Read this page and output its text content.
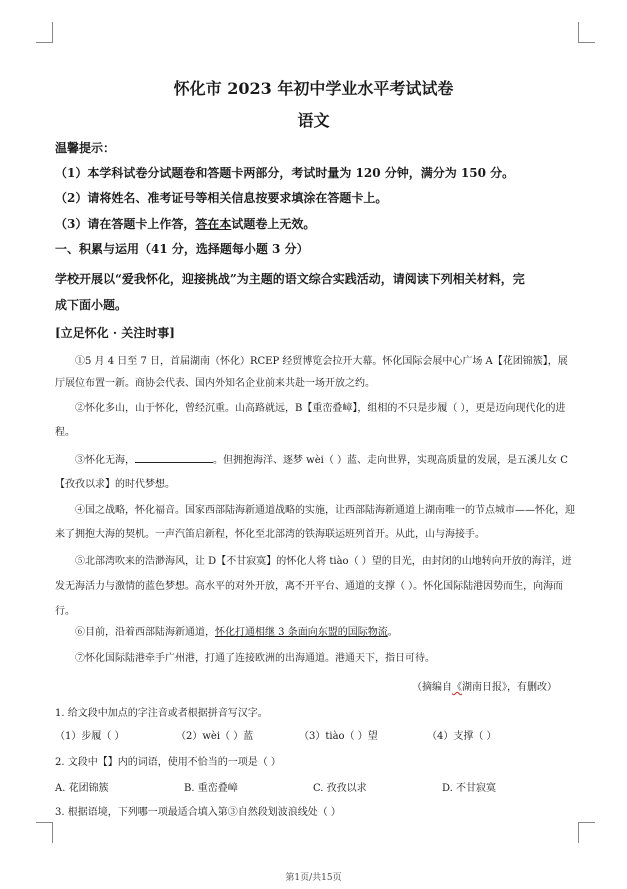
怀化市 2023 年初中学业水平考试试卷
语文
温馨提示：
（1）本学科试卷分试题卷和答题卡两部分，考试时量为 120 分钟，满分为 150 分。
（2）请将姓名、准考证号等相关信息按要求填涂在答题卡上。
（3）请在答题卡上作答，答在本试题卷上无效。
一、积累与运用（41 分，选择题每小题 3 分）
学校开展以“爱我怀化，迎接挑战”为主题的语文综合实践活动，请阅读下列相关材料，完
成下面小题。
[立足怀化 · 关注时事]
①5 月 4 日至 7 日，首届湖南（怀化）RCEP 经贸博览会拉开大幕。怀化国际会展中心广场 A【花团锦簇】，展厅展位布置一新。商协会代表、国内外知名企业前来共赴一场开放之约。
②怀化多山，山于怀化，曾经沉重。山高路就远，B【重峦叠嶂】，组相的不只是步履（ ），更是迈向现代化的进程。
③怀化无海，	。但拥抱海洋、逐梦 wèi（ ）蓝、走向世界，实现高质量的发展，是五溪儿女 C【孜孜以求】的时代梦想。
④国之战略，怀化福音。国家西部陆海新通道战略的实施，让西部陆海新通道上湖南唯一的节点城市——怀化，迎来了拥抱大海的契机。一声汽笛启新程，怀化至北部湾的铁海联运班列首开。从此，山与海接手。
⑤北部湾吹来的浩渺海风，让 D【不甘寂寞】的怀化人将 tiào（ ）望的目光，由封闭的山地转向开放的海洋，迸发无海活力与激情的蓝色梦想。高水平的对外开放，离不开平台、通道的支撑（ ）。怀化国际陆港因势而生，向海而行。
⑥目前，沿着西部陆海新通道，怀化打通相继 3 条面向东盟的国际物流。
⑦怀化国际陆港牵手广州港，打通了连接欧洲的出海通道。港通天下，指日可待。
（摘编自《湖南日报》，有删改）
1. 给文段中加点的字注音或者根据拼音写汉字。
（1）步履（ ）	（2）wèi（ ）蓝	（3）tiào（ ）望	（4）支撑（ ）
2. 文段中【】内的词语，使用不恰当的一项是（ ）
A. 花团锦簇	B. 重峦叠嶂	C. 孜孜以求	D. 不甘寂寞
3. 根据语境，下列哪一项最适合填入第③自然段划波浪线处（ ）
第1页/共15页
